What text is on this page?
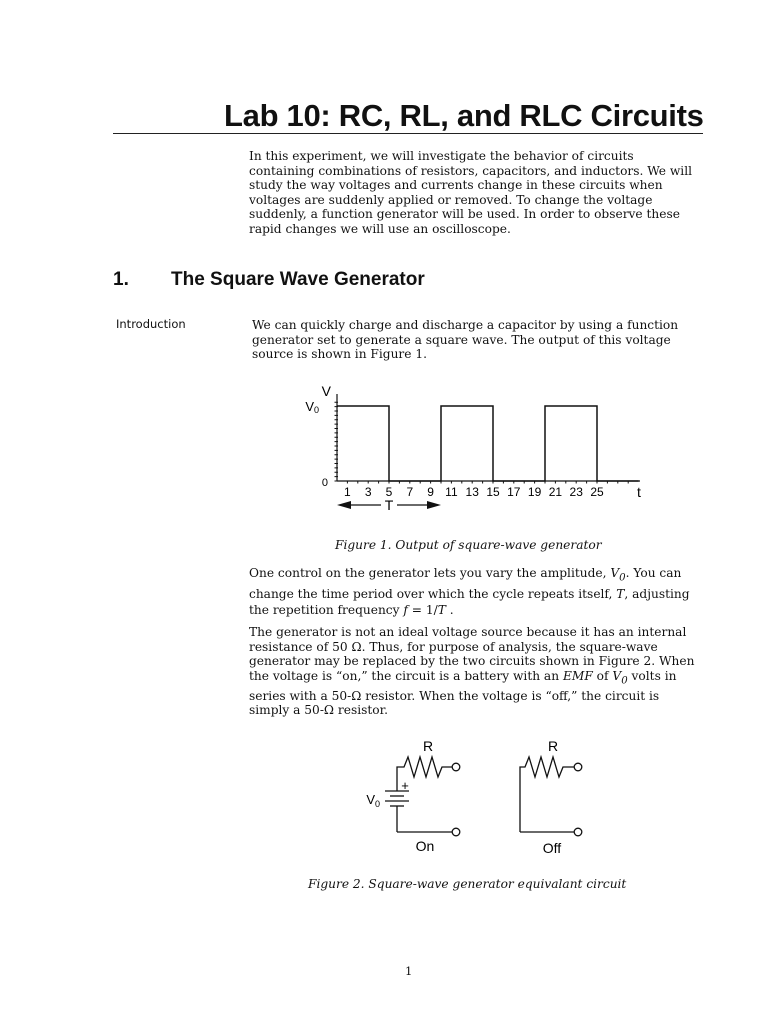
Lab 10: RC, RL, and RLC Circuits
In this experiment, we will investigate the behavior of circuits containing combinations of resistors, capacitors, and inductors. We will study the way voltages and currents change in these circuits when voltages are suddenly applied or removed. To change the voltage suddenly, a function generator will be used. In order to observe these rapid changes we will use an oscilloscope.
1. The Square Wave Generator
Introduction	We can quickly charge and discharge a capacitor by using a function generator set to generate a square wave. The output of this voltage source is shown in Figure 1.
V
t
0
V0
1 3 5 7 9 11 13 15 17 19 21 23 25
T
Figure 1. Output of square-wave generator
One control on the generator lets you vary the amplitude, $V_0$. You can change the time period over which the cycle repeats itself, T, adjusting the repetition frequency f = 1/T .
The generator is not an ideal voltage source because it has an internal resistance of 50 Ω. Thus, for purpose of analysis, the square-wave generator may be replaced by the two circuits shown in Figure 2. When the voltage is “on,” the circuit is a battery with an EMF of $V_0$ volts in series with a 50-Ω resistor. When the voltage is “off,” the circuit is simply a 50-Ω resistor.
R
+
$V_0$
On
R
Off
Figure 2. Square-wave generator equivalant circuit
1
